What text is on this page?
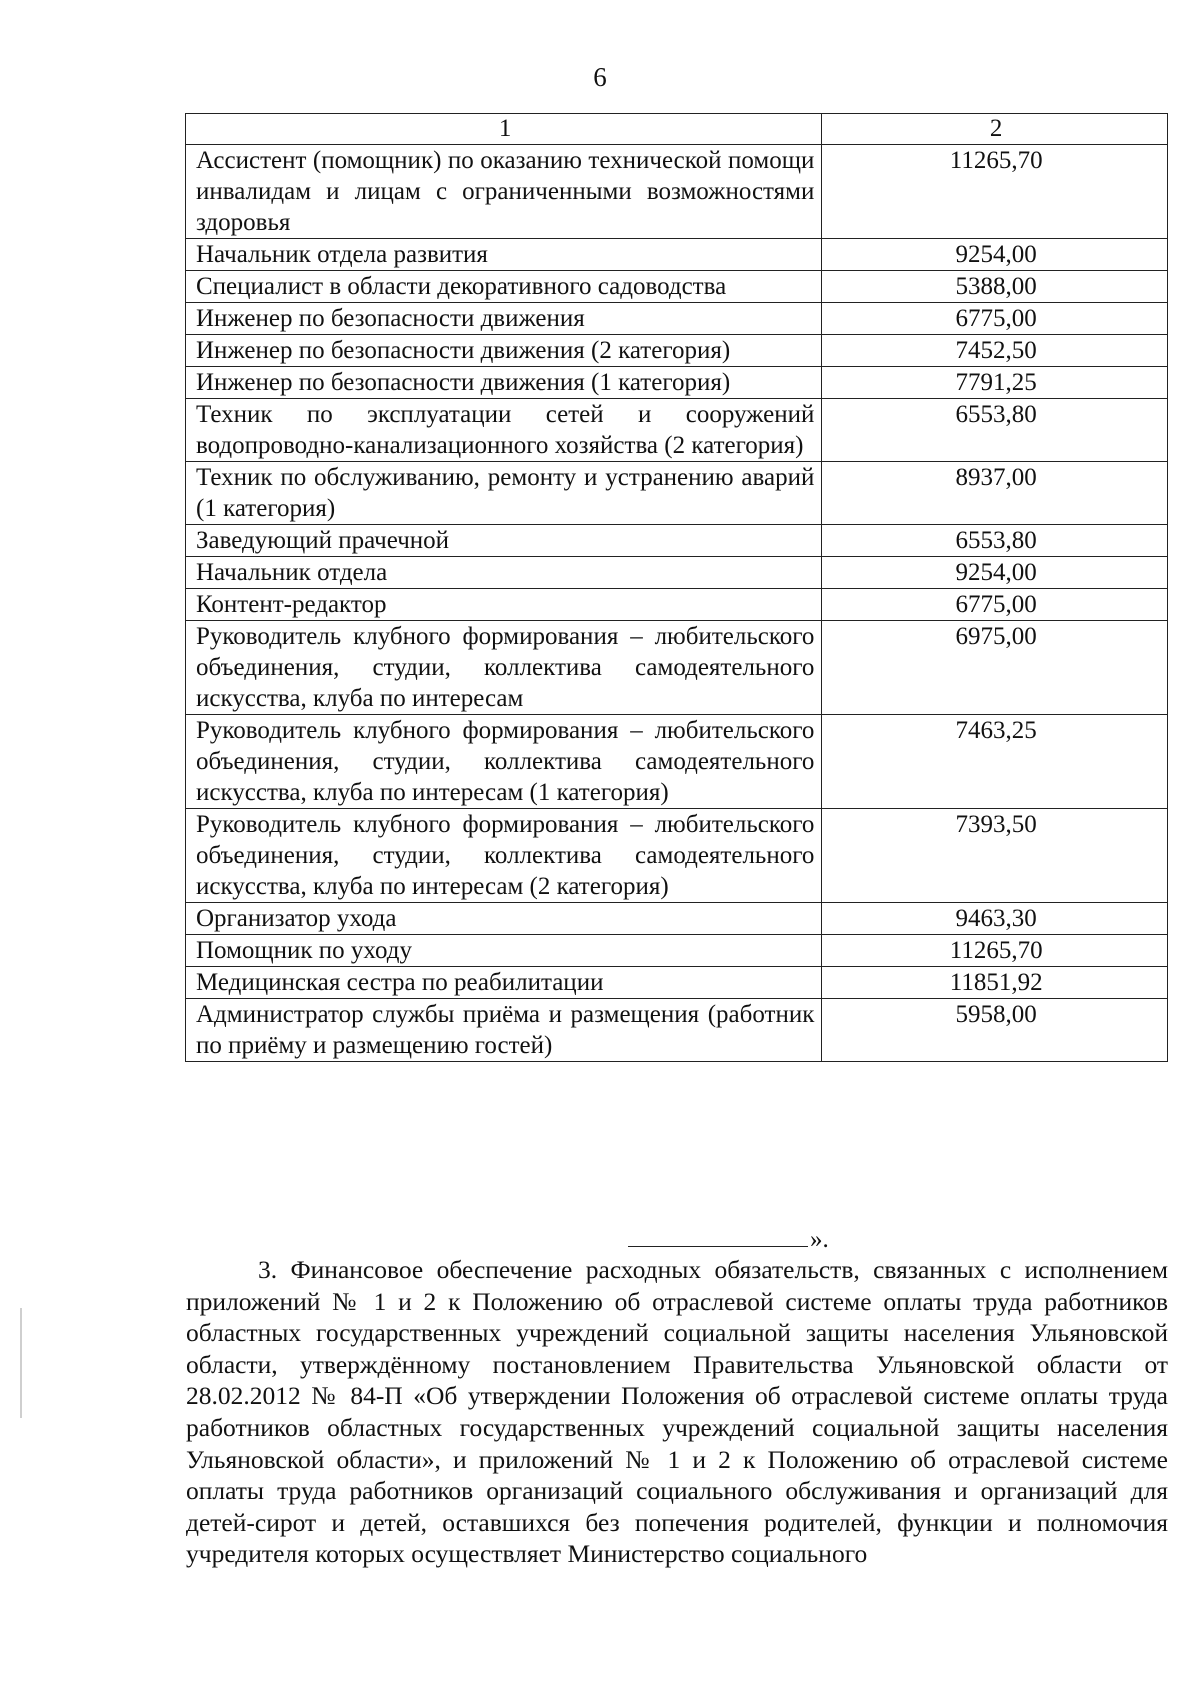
6
1	2
Ассистент (помощник) по оказанию технической помощи инвалидам и лицам с ограниченными возможностями здоровья	11265,70
Начальник отдела развития	9254,00
Специалист в области декоративного садоводства	5388,00
Инженер по безопасности движения	6775,00
Инженер по безопасности движения (2 категория)	7452,50
Инженер по безопасности движения (1 категория)	7791,25
Техник по эксплуатации сетей и сооружений водопроводно-канализационного хозяйства (2 категория)	6553,80
Техник по обслуживанию, ремонту и устранению аварий (1 категория)	8937,00
Заведующий прачечной	6553,80
Начальник отдела	9254,00
Контент-редактор	6775,00
Руководитель клубного формирования – любительского объединения, студии, коллектива самодеятельного искусства, клуба по интересам	6975,00
Руководитель клубного формирования – любительского объединения, студии, коллектива самодеятельного искусства, клуба по интересам (1 категория)	7463,25
Руководитель клубного формирования – любительского объединения, студии, коллектива самодеятельного искусства, клуба по интересам (2 категория)	7393,50
Организатор ухода	9463,30
Помощник по уходу	11265,70
Медицинская сестра по реабилитации	11851,92
Администратор службы приёма и размещения (работник по приёму и размещению гостей)	5958,00
».
3. Финансовое обеспечение расходных обязательств, связанных с исполнением приложений № 1 и 2 к Положению об отраслевой системе оплаты труда работников областных государственных учреждений социальной защиты населения Ульяновской области, утверждённому постановлением Правительства Ульяновской области от 28.02.2012 № 84-П «Об утверждении Положения об отраслевой системе оплаты труда работников областных государственных учреждений социальной защиты населения Ульяновской области», и приложений № 1 и 2 к Положению об отраслевой системе оплаты труда работников организаций социального обслуживания и организаций для детей-сирот и детей, оставшихся без попечения родителей, функции и полномочия учредителя которых осуществляет Министерство социального
